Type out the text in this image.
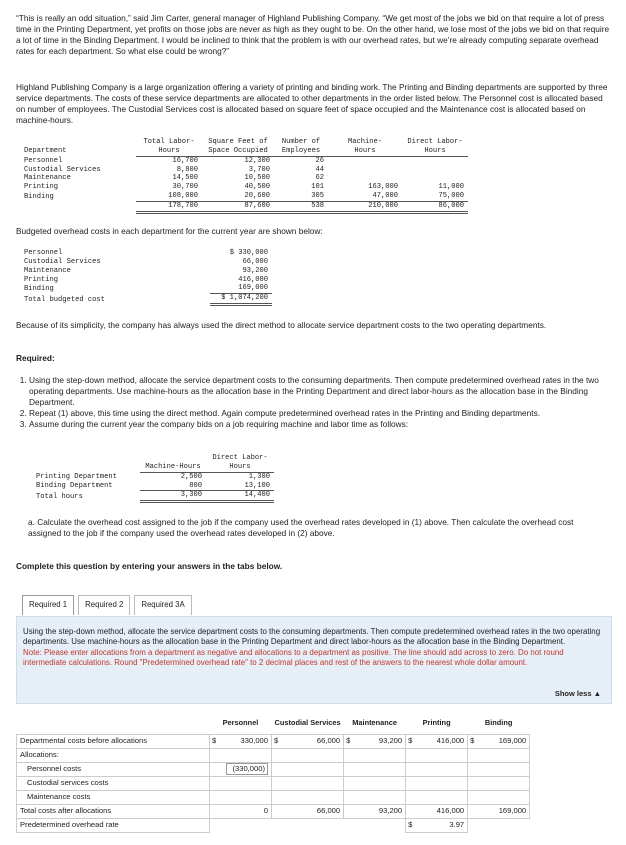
“This is really an odd situation,” said Jim Carter, general manager of Highland Publishing Company. “We get most of the jobs we bid on that require a lot of press time in the Printing Department, yet profits on those jobs are never as high as they ought to be. On the other hand, we lose most of the jobs we bid on that require a lot of time in the Binding Department. I would be inclined to think that the problem is with our overhead rates, but we’re already computing separate overhead rates for each department. So what else could be wrong?”
Highland Publishing Company is a large organization offering a variety of printing and binding work. The Printing and Binding departments are supported by three service departments. The costs of these service departments are allocated to other departments in the order listed below. The Personnel cost is allocated based on number of employees. The Custodial Services cost is allocated based on square feet of space occupied and the Maintenance cost is allocated based on machine-hours.
	Total Labor-	Square Feet of	Number of	Machine-	Direct Labor-
Department	Hours	Space Occupied	Employees	Hours	Hours
Personnel	16,700	12,300	26		
Custodial Services	8,800	3,700	44		
Maintenance	14,500	10,500	62		
Printing	30,700	40,500	101	163,000	11,000
Binding	108,000	20,600	305	47,000	75,000
	178,700	87,600	538	210,000	86,000
Budgeted overhead costs in each department for the current year are shown below:
Personnel	$ 330,000
Custodial Services	66,000
Maintenance	93,200
Printing	416,000
Binding	169,000
Total budgeted cost	$ 1,074,200
Because of its simplicity, the company has always used the direct method to allocate service department costs to the two operating departments.
Required:
1. Using the step-down method, allocate the service department costs to the consuming departments. Then compute predetermined overhead rates in the two operating departments. Use machine-hours as the allocation base in the Printing Department and direct labor-hours as the allocation base in the Binding Department.
2. Repeat (1) above, this time using the direct method. Again compute predetermined overhead rates in the Printing and Binding departments.
3. Assume during the current year the company bids on a job requiring machine and labor time as follows:
		Direct Labor-
	Machine-Hours	Hours
Printing Department	2,500	1,300
Binding Department	800	13,100
Total hours	3,300	14,400
a. Calculate the overhead cost assigned to the job if the company used the overhead rates developed in (1) above. Then calculate the overhead cost assigned to the job if the company used the overhead rates developed in (2) above.
Complete this question by entering your answers in the tabs below.
Required 1	Required 2	Required 3A
Using the step-down method, allocate the service department costs to the consuming departments. Then compute predetermined overhead rates in the two operating departments. Use machine-hours as the allocation base in the Printing Department and direct labor-hours as the allocation base in the Binding Department.
Note: Please enter allocations from a department as negative and allocations to a department as positive. The line should add across to zero. Do not round intermediate calculations. Round "Predetermined overhead rate" to 2 decimal places and rest of the answers to the nearest whole dollar amount.
Show less ▲
	Personnel		Custodial Services		Maintenance		Printing		Binding	
Departmental costs before allocations	$	330,000	$	66,000	$	93,200	$	416,000	$	169,000
Allocations:										
Personnel costs	(330,000)									
Custodial services costs										
Maintenance costs										
Total costs after allocations	0		66,000		93,200		416,000		169,000	
Predetermined overhead rate							$	3.97		
